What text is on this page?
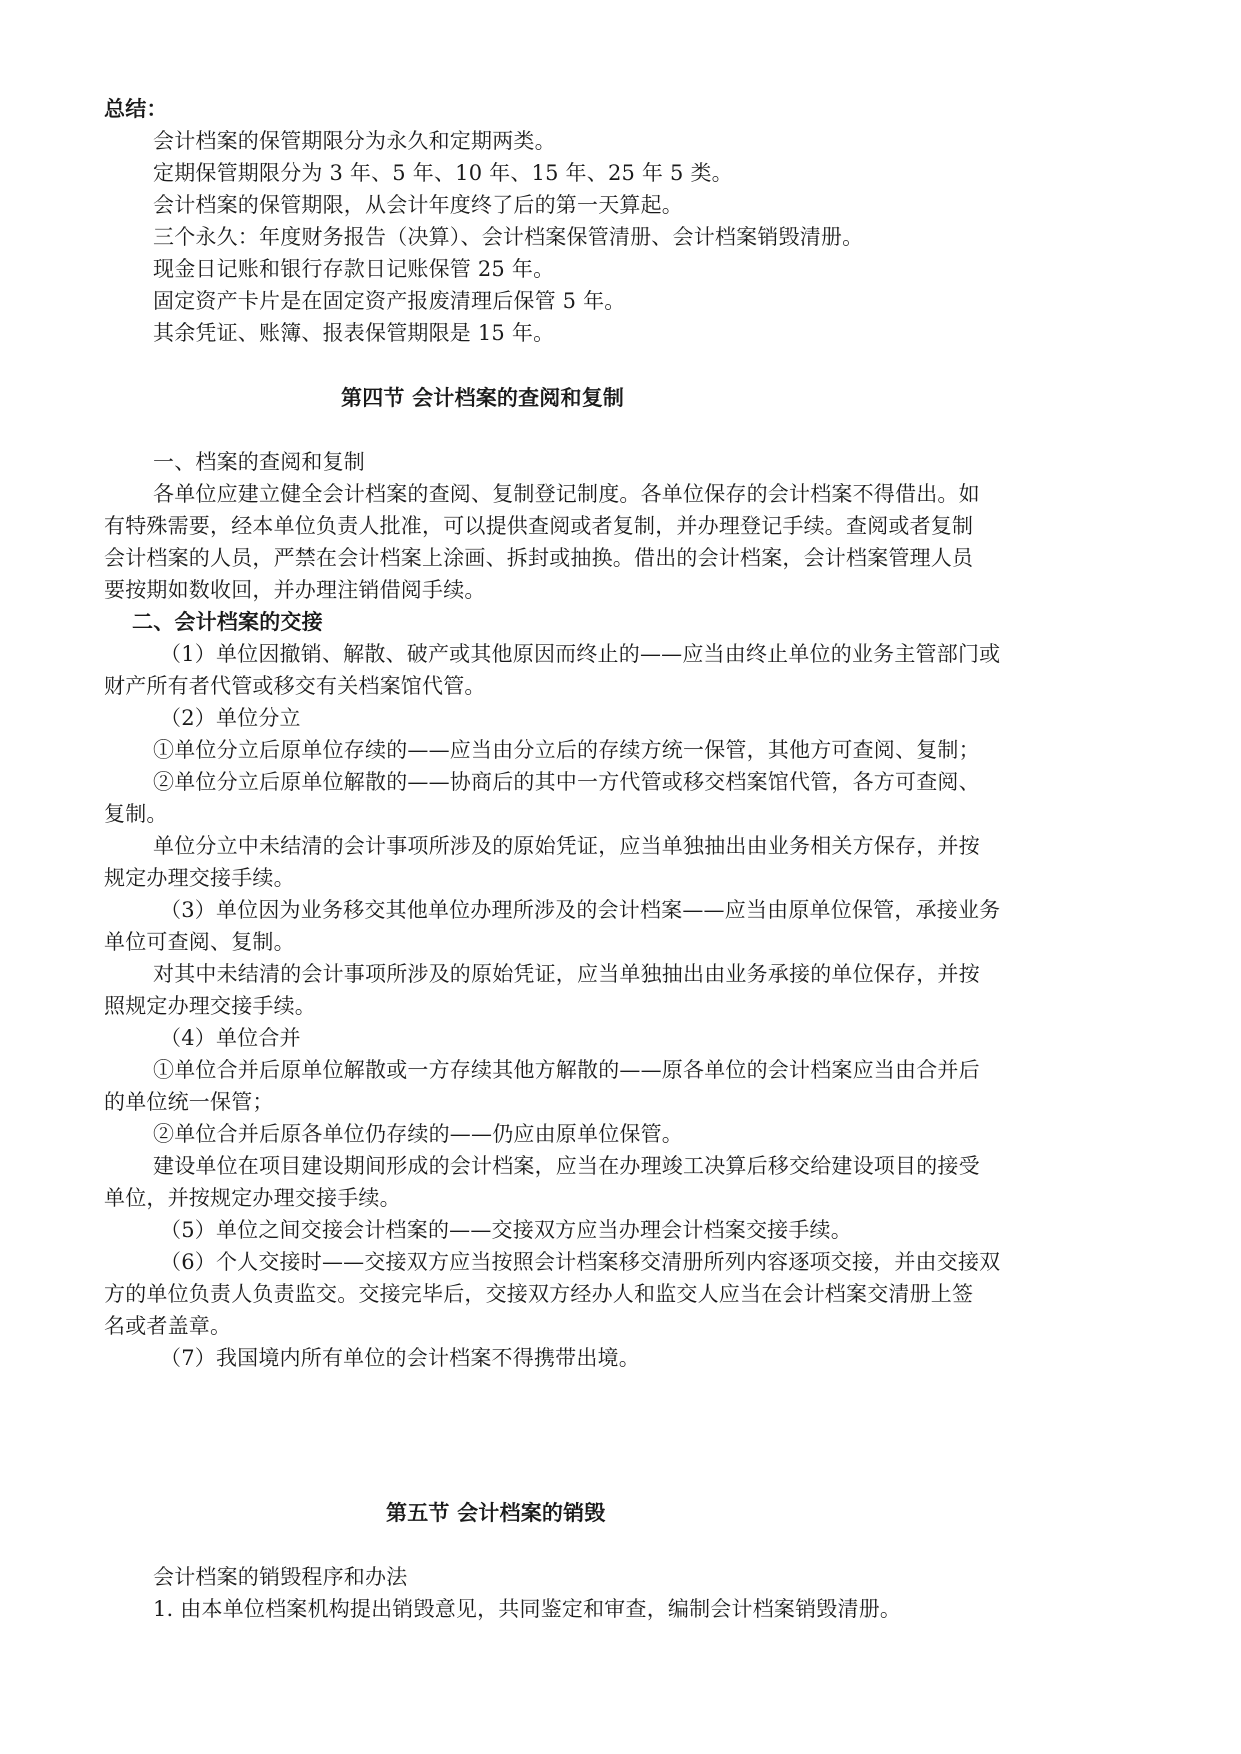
总结：
会计档案的保管期限分为永久和定期两类。
定期保管期限分为 3 年、5 年、10 年、15 年、25 年 5 类。
会计档案的保管期限，从会计年度终了后的第一天算起。
三个永久：年度财务报告（决算）、会计档案保管清册、会计档案销毁清册。
现金日记账和银行存款日记账保管 25 年。
固定资产卡片是在固定资产报废清理后保管 5 年。
其余凭证、账簿、报表保管期限是 15 年。
第四节 会计档案的查阅和复制
一、档案的查阅和复制
各单位应建立健全会计档案的查阅、复制登记制度。各单位保存的会计档案不得借出。如
有特殊需要，经本单位负责人批准，可以提供查阅或者复制，并办理登记手续。查阅或者复制
会计档案的人员，严禁在会计档案上涂画、拆封或抽换。借出的会计档案，会计档案管理人员
要按期如数收回，并办理注销借阅手续。
二、会计档案的交接
（1）单位因撤销、解散、破产或其他原因而终止的——应当由终止单位的业务主管部门或
财产所有者代管或移交有关档案馆代管。
（2）单位分立
①单位分立后原单位存续的——应当由分立后的存续方统一保管，其他方可查阅、复制；
②单位分立后原单位解散的——协商后的其中一方代管或移交档案馆代管，各方可查阅、
复制。
单位分立中未结清的会计事项所涉及的原始凭证，应当单独抽出由业务相关方保存，并按
规定办理交接手续。
（3）单位因为业务移交其他单位办理所涉及的会计档案——应当由原单位保管，承接业务
单位可查阅、复制。
对其中未结清的会计事项所涉及的原始凭证，应当单独抽出由业务承接的单位保存，并按
照规定办理交接手续。
（4）单位合并
①单位合并后原单位解散或一方存续其他方解散的——原各单位的会计档案应当由合并后
的单位统一保管；
②单位合并后原各单位仍存续的——仍应由原单位保管。
建设单位在项目建设期间形成的会计档案，应当在办理竣工决算后移交给建设项目的接受
单位，并按规定办理交接手续。
（5）单位之间交接会计档案的——交接双方应当办理会计档案交接手续。
（6）个人交接时——交接双方应当按照会计档案移交清册所列内容逐项交接，并由交接双
方的单位负责人负责监交。交接完毕后，交接双方经办人和监交人应当在会计档案交清册上签
名或者盖章。
（7）我国境内所有单位的会计档案不得携带出境。
第五节 会计档案的销毁
会计档案的销毁程序和办法
1. 由本单位档案机构提出销毁意见，共同鉴定和审查，编制会计档案销毁清册。
